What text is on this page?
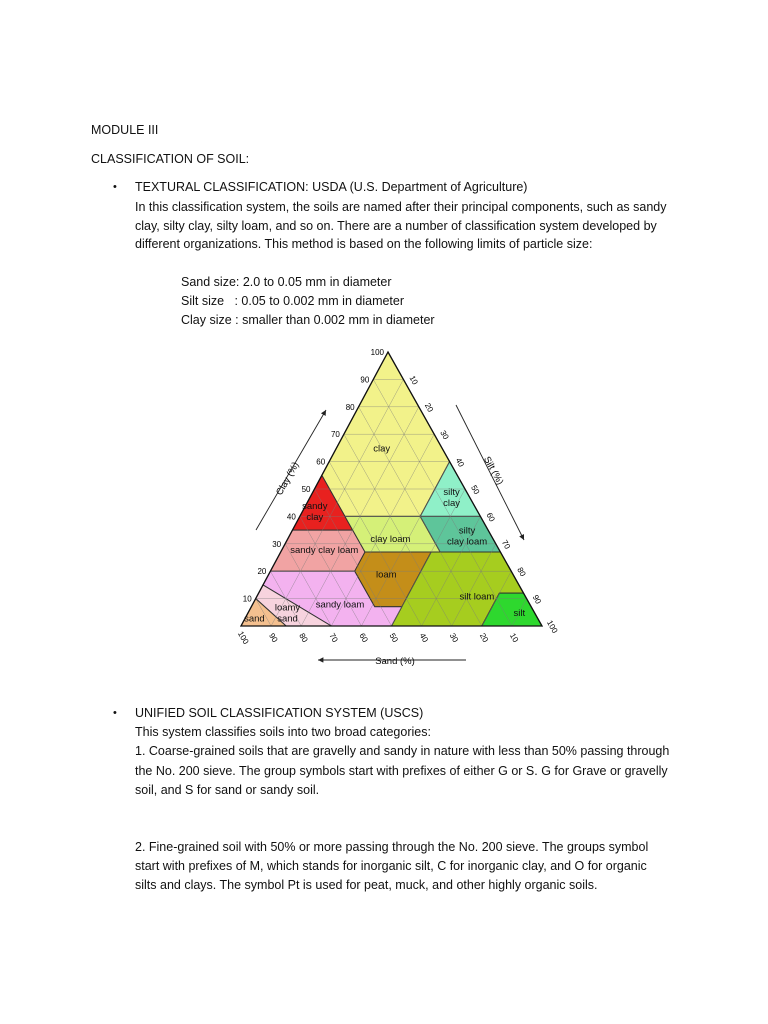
MODULE III
CLASSIFICATION OF SOIL:
• TEXTURAL CLASSIFICATION: USDA (U.S. Department of Agriculture)
In this classification system, the soils are named after their principal components, such as sandy
clay, silty clay, silty loam, and so on. There are a number of classification system developed by
different organizations. This method is based on the following limits of particle size:
Sand size: 2.0 to 0.05 mm in diameter
Silt size   : 0.05 to 0.002 mm in diameter
Clay size : smaller than 0.002 mm in diameter
clay
sandy
clay
silty
clay
sandy clay loam
clay loam
silty
clay loam
loam
silt loam
silt
sandy loam
loamy
sand
sand
10
20
30
40
50
60
70
80
90
100
10
20
30
40
50
60
70
80
90
100
100 90 80 70 60 50 40 30 20 10
Clay (%)	Silt (%)
Sand (%)
• UNIFIED SOIL CLASSIFICATION SYSTEM (USCS)
This system classifies soils into two broad categories:
1. Coarse-grained soils that are gravelly and sandy in nature with less than 50% passing through
the No. 200 sieve. The group symbols start with prefixes of either G or S. G for Grave or gravelly
soil, and S for sand or sandy soil.
2. Fine-grained soil with 50% or more passing through the No. 200 sieve. The groups symbol
start with prefixes of M, which stands for inorganic silt, C for inorganic clay, and O for organic
silts and clays. The symbol Pt is used for peat, muck, and other highly organic soils.
